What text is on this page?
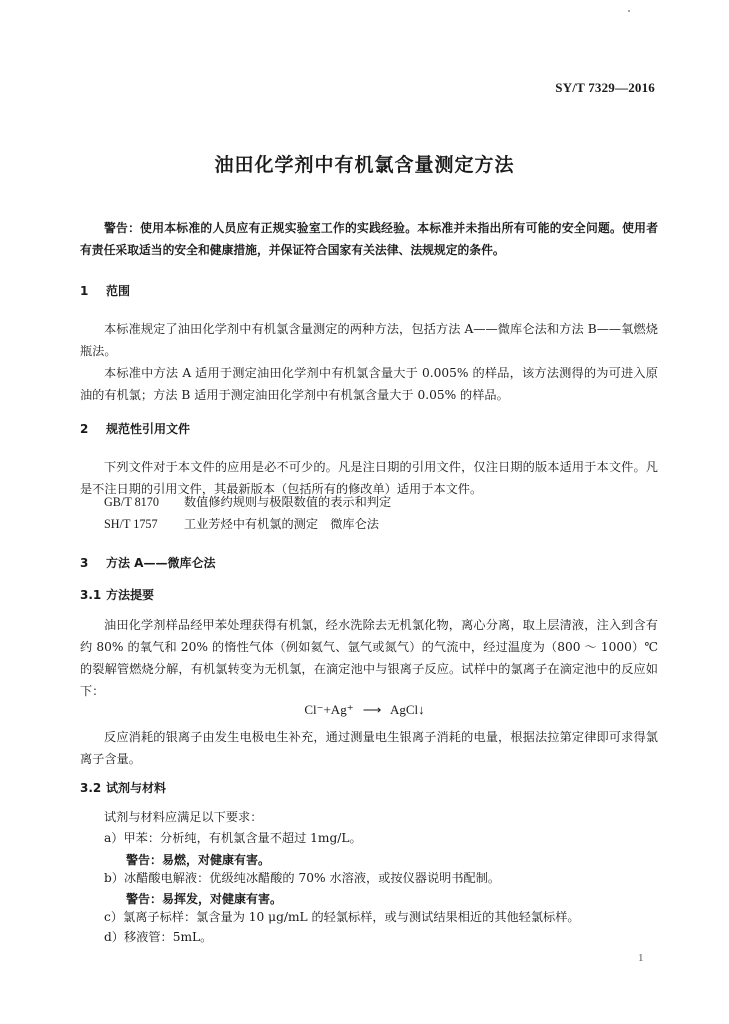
SY/T 7329—2016
油田化学剂中有机氯含量测定方法
警告：使用本标准的人员应有正规实验室工作的实践经验。本标准并未指出所有可能的安全问题。使用者有责任采取适当的安全和健康措施，并保证符合国家有关法律、法规规定的条件。
1 范围
本标准规定了油田化学剂中有机氯含量测定的两种方法，包括方法 A——微库仑法和方法 B——氧燃烧瓶法。
本标准中方法 A 适用于测定油田化学剂中有机氯含量大于 0.005% 的样品，该方法测得的为可进入原油的有机氯；方法 B 适用于测定油田化学剂中有机氯含量大于 0.05% 的样品。
2 规范性引用文件
下列文件对于本文件的应用是必不可少的。凡是注日期的引用文件，仅注日期的版本适用于本文件。凡是不注日期的引用文件，其最新版本（包括所有的修改单）适用于本文件。
GB/T 8170 数值修约规则与极限数值的表示和判定
SH/T 1757 工业芳烃中有机氯的测定　微库仑法
3 方法 A——微库仑法
3.1 方法提要
油田化学剂样品经甲苯处理获得有机氯，经水洗除去无机氯化物，离心分离，取上层清液，注入到含有约 80% 的氧气和 20% 的惰性气体（例如氦气、氩气或氮气）的气流中，经过温度为（800 ～ 1000）℃的裂解管燃烧分解，有机氯转变为无机氯，在滴定池中与银离子反应。试样中的氯离子在滴定池中的反应如下：
Cl⁻+Ag⁺ ⟶ AgCl↓
反应消耗的银离子由发生电极电生补充，通过测量电生银离子消耗的电量，根据法拉第定律即可求得氯离子含量。
3.2 试剂与材料
试剂与材料应满足以下要求：
a）甲苯：分析纯，有机氯含量不超过 1mg/L。
警告：易燃，对健康有害。
b）冰醋酸电解液：优级纯冰醋酸的 70% 水溶液，或按仪器说明书配制。
警告：易挥发，对健康有害。
c）氯离子标样：氯含量为 10 μg/mL 的轻氯标样，或与测试结果相近的其他轻氯标样。
d）移液管：5mL。
1
